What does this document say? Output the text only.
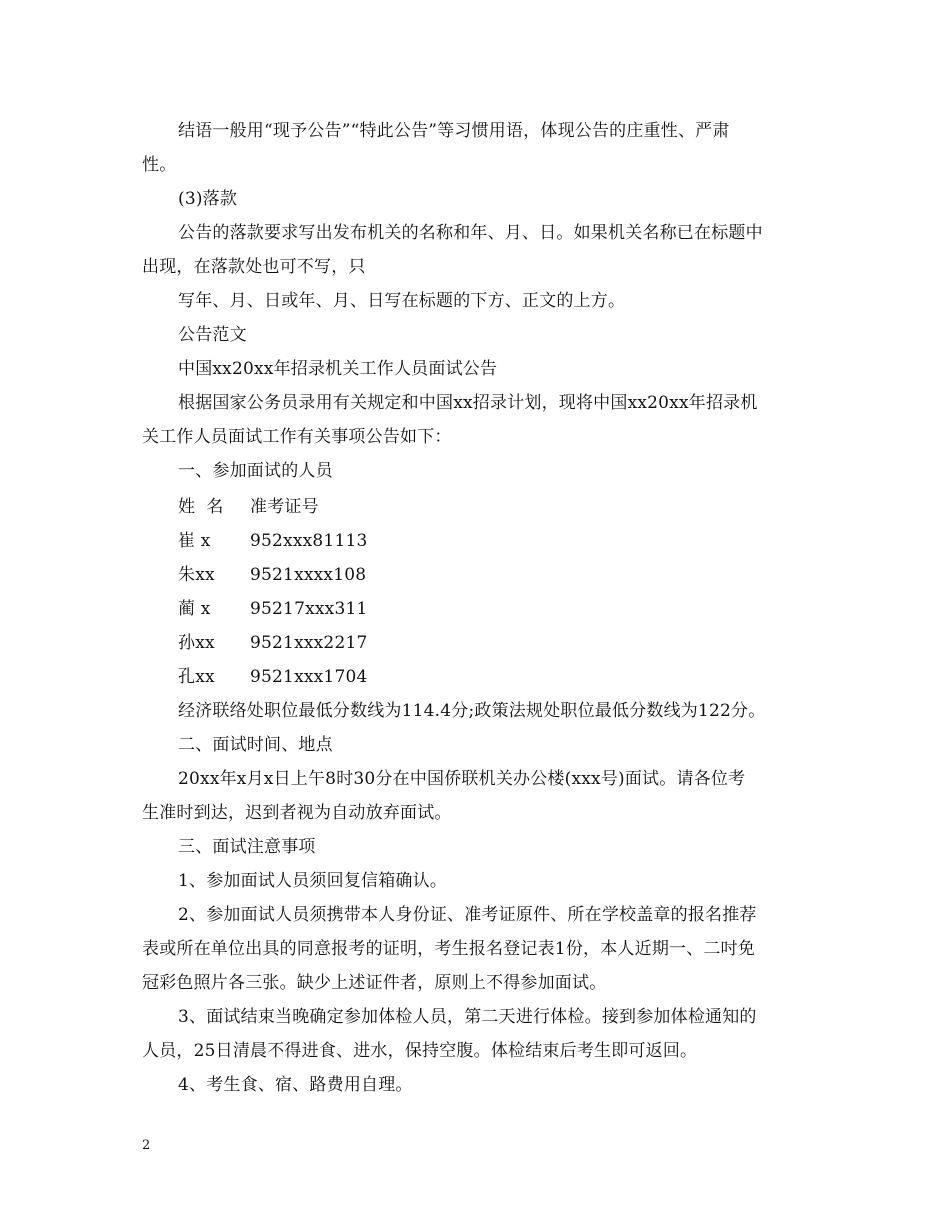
结语一般用“现予公告”“特此公告”等习惯用语，体现公告的庄重性、严肃
性。
(3)落款
公告的落款要求写出发布机关的名称和年、月、日。如果机关名称已在标题中
出现，在落款处也可不写，只
写年、月、日或年、月、日写在标题的下方、正文的上方。
公告范文
中国xx20xx年招录机关工作人员面试公告
根据国家公务员录用有关规定和中国xx招录计划，现将中国xx20xx年招录机
关工作人员面试工作有关事项公告如下：
一、参加面试的人员
姓  名 准考证号
崔 x 952xxx81113
朱xx 9521xxxx108
蔺 x 95217xxx311
孙xx 9521xxx2217
孔xx 9521xxx1704
经济联络处职位最低分数线为114.4分;政策法规处职位最低分数线为122分。
二、面试时间、地点
20xx年x月x日上午8时30分在中国侨联机关办公楼(xxx号)面试。请各位考
生准时到达，迟到者视为自动放弃面试。
三、面试注意事项
1、参加面试人员须回复信箱确认。
2、参加面试人员须携带本人身份证、准考证原件、所在学校盖章的报名推荐
表或所在单位出具的同意报考的证明，考生报名登记表1份，本人近期一、二吋免
冠彩色照片各三张。缺少上述证件者，原则上不得参加面试。
3、面试结束当晚确定参加体检人员，第二天进行体检。接到参加体检通知的
人员，25日清晨不得进食、进水，保持空腹。体检结束后考生即可返回。
4、考生食、宿、路费用自理。
2
